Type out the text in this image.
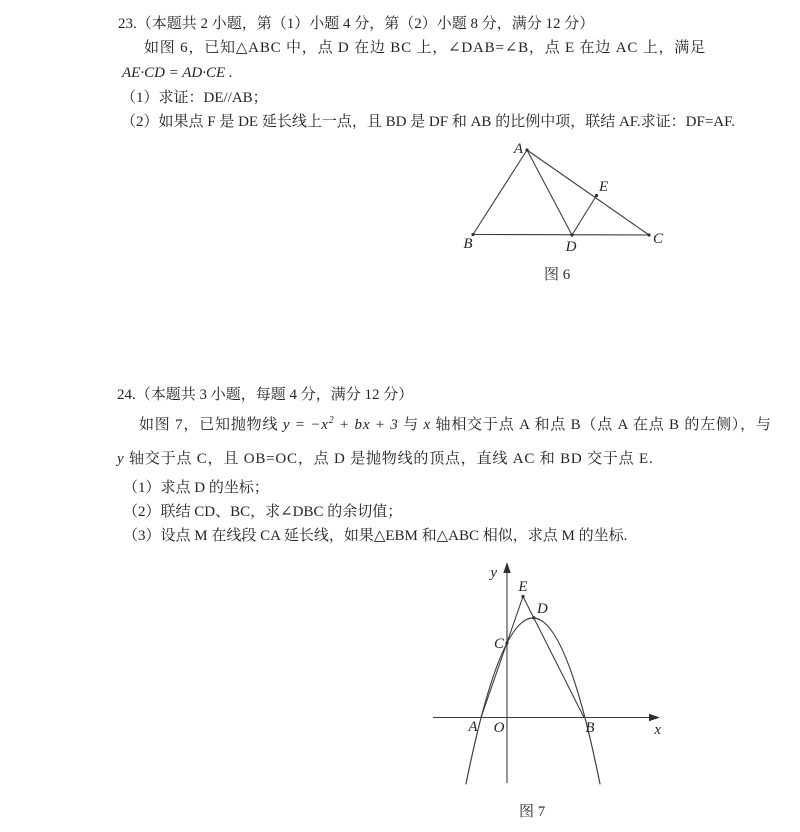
23.（本题共 2 小题，第（1）小题 4 分，第（2）小题 8 分，满分 12 分）
如图 6，已知△ABC 中，点 D 在边 BC 上，∠DAB=∠B，点 E 在边 AC 上，满足
AE·CD = AD·CE .
（1）求证：DE//AB；
（2）如果点 F 是 DE 延长线上一点，且 BD 是 DF 和 AB 的比例中项，联结 AF.求证：DF=AF.
A
B	C
D
E
图 6
24.（本题共 3 小题，每题 4 分，满分 12 分）
如图 7，已知抛物线 $y = -x^2$ + bx + 3 与 x 轴相交于点 A 和点 B（点 A 在点 B 的左侧），与
y 轴交于点 C，且 OB=OC，点 D 是抛物线的顶点，直线 AC 和 BD 交于点 E.
（1）求点 D 的坐标；
（2）联结 CD、BC，求∠DBC 的余切值；
（3）设点 M 在线段 CA 延长线，如果△EBM 和△ABC 相似，求点 M 的坐标.
y
x
O
A	B
C
D
E
图 7
